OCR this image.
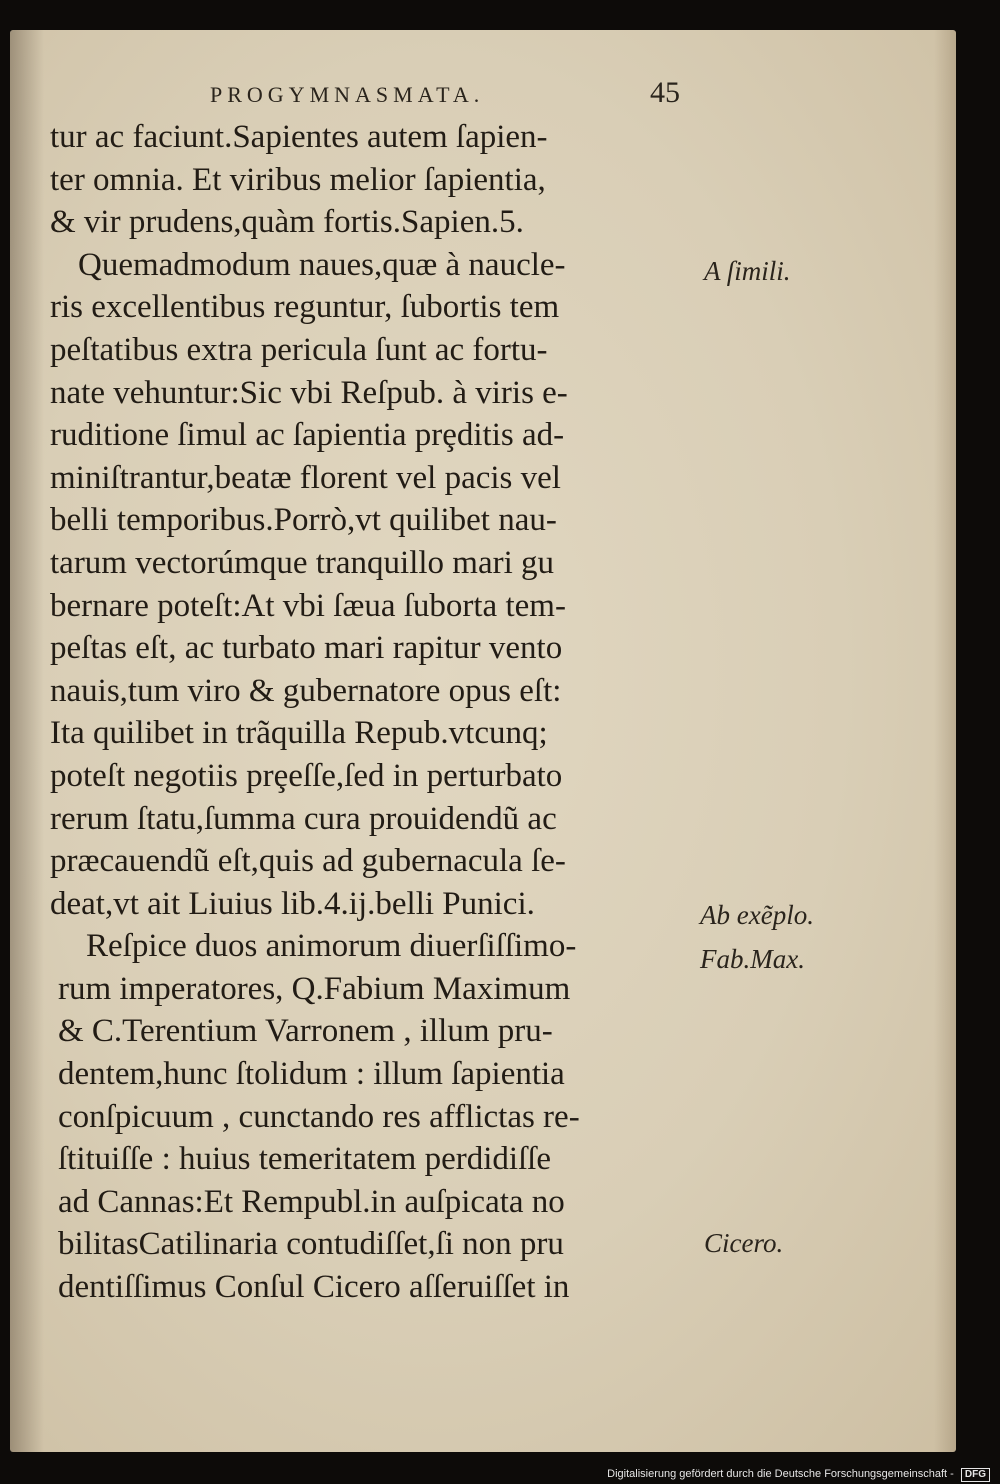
PROGYMNASMATA.	45
tur ac faciunt.Sapientes autem ſapien-
ter omnia. Et viribus melior ſapientia,
& vir prudens,quàm fortis.Sapien.5.
Quemadmodum naues,quæ à naucle-
ris excellentibus reguntur, ſubortis tem
peſtatibus extra pericula ſunt ac fortu-
nate vehuntur:Sic vbi Reſpub. à viris e-
ruditione ſimul ac ſapientia prȩditis ad-
miniſtrantur,beatæ florent vel pacis vel
belli temporibus.Porrò,vt quilibet nau-
tarum vectorúmque tranquillo mari gu
bernare poteſt:At vbi ſæua ſuborta tem-
peſtas eſt, ac turbato mari rapitur vento
nauis,tum viro & gubernatore opus eſt:
Ita quilibet in trãquilla Repub.vtcunq;
poteſt negotiis prȩeſſe,ſed in perturbato
rerum ſtatu,ſumma cura prouidendũ ac
præcauendũ eſt,quis ad gubernacula ſe-
deat,vt ait Liuius lib.4.ij.belli Punici.
Reſpice duos animorum diuerſiſſimo-
rum imperatores, Q.Fabium Maximum
& C.Terentium Varronem , illum pru-
dentem,hunc ſtolidum : illum ſapientia
conſpicuum , cunctando res afflictas re-
ſtituiſſe : huius temeritatem perdidiſſe
ad Cannas:Et Rempubl.in auſpicata no
bilitasCatilinaria contudiſſet,ſi non pru
dentiſſimus Conſul Cicero aſſeruiſſet in
A ſimili.
Ab exẽplo.
Fab.Max.
Cicero.
Digitalisierung gefördert durch die Deutsche Forschungsgemeinschaft - DFG
